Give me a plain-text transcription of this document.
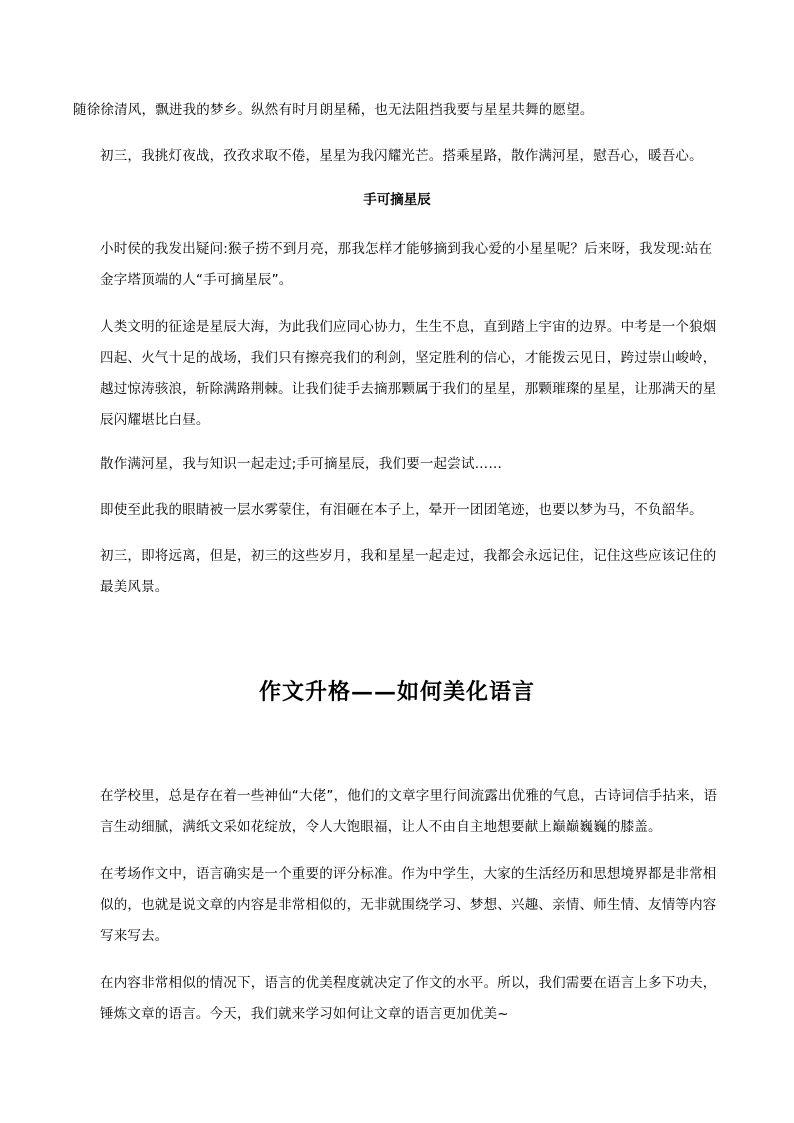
随徐徐清风，飘进我的梦乡。纵然有时月朗星稀，也无法阻挡我要与星星共舞的愿望。

初三，我挑灯夜战，孜孜求取不倦，星星为我闪耀光芒。搭乘星路，散作满河星，慰吾心，暖吾心。

手可摘星辰

小时侯的我发出疑问:猴子捞不到月亮，那我怎样才能够摘到我心爱的小星星呢？后来呀，我发现:站在金字塔顶端的人“手可摘星辰”。

人类文明的征途是星辰大海，为此我们应同心协力，生生不息，直到踏上宇宙的边界。中考是一个狼烟四起、火气十足的战场，我们只有擦亮我们的利剑，坚定胜利的信心，才能拨云见日，跨过崇山峻岭，越过惊涛骇浪，斩除满路荆棘。让我们徒手去摘那颗属于我们的星星，那颗璀璨的星星，让那满天的星辰闪耀堪比白昼。

散作满河星，我与知识一起走过;手可摘星辰，我们要一起尝试……

即使至此我的眼睛被一层水雾蒙住，有泪砸在本子上，晕开一团团笔迹，也要以梦为马，不负韶华。

初三，即将远离，但是，初三的这些岁月，我和星星一起走过，我都会永远记住，记住这些应该记住的最美风景。

作文升格——如何美化语言

在学校里，总是存在着一些神仙“大佬”，他们的文章字里行间流露出优雅的气息，古诗词信手拈来，语言生动细腻，满纸文采如花绽放，令人大饱眼福，让人不由自主地想要献上巅巅巍巍的膝盖。

在考场作文中，语言确实是一个重要的评分标准。作为中学生，大家的生活经历和思想境界都是非常相似的，也就是说文章的内容是非常相似的，无非就围绕学习、梦想、兴趣、亲情、师生情、友情等内容写来写去。

在内容非常相似的情况下，语言的优美程度就决定了作文的水平。所以，我们需要在语言上多下功夫，锤炼文章的语言。今天，我们就来学习如何让文章的语言更加优美~
